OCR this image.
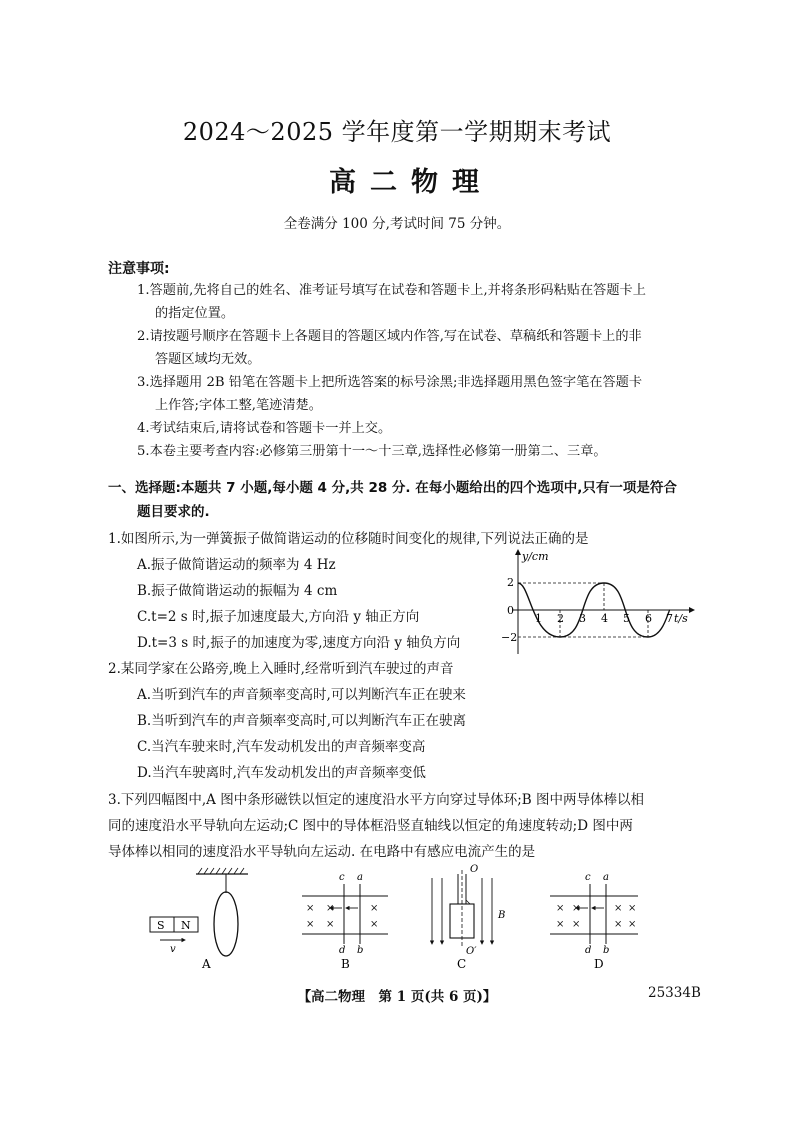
2024～2025 学年度第一学期期末考试
高二物理
全卷满分 100 分,考试时间 75 分钟。
注意事项:
1.答题前,先将自己的姓名、准考证号填写在试卷和答题卡上,并将条形码粘贴在答题卡上
的指定位置。
2.请按题号顺序在答题卡上各题目的答题区域内作答,写在试卷、草稿纸和答题卡上的非
答题区域均无效。
3.选择题用 2B 铅笔在答题卡上把所选答案的标号涂黑;非选择题用黑色签字笔在答题卡
上作答;字体工整,笔迹清楚。
4.考试结束后,请将试卷和答题卡一并上交。
5.本卷主要考查内容:必修第三册第十一～十三章,选择性必修第一册第二、三章。
一、选择题:本题共 7 小题,每小题 4 分,共 28 分. 在每小题给出的四个选项中,只有一项是符合
题目要求的.
1.如图所示,为一弹簧振子做简谐运动的位移随时间变化的规律,下列说法正确的是
A.振子做简谐运动的频率为 4 Hz
B.振子做简谐运动的振幅为 4 cm
C.t=2 s 时,振子加速度最大,方向沿 y 轴正方向
D.t=3 s 时,振子的加速度为零,速度方向沿 y 轴负方向
y/cm
t/s
2
0
−2
1 2 3 4 5 6 7
2.某同学家在公路旁,晚上入睡时,经常听到汽车驶过的声音
A.当听到汽车的声音频率变高时,可以判断汽车正在驶来
B.当听到汽车的声音频率变高时,可以判断汽车正在驶离
C.当汽车驶来时,汽车发动机发出的声音频率变高
D.当汽车驶离时,汽车发动机发出的声音频率变低
3.下列四幅图中,A 图中条形磁铁以恒定的速度沿水平方向穿过导体环;B 图中两导体棒以相
同的速度沿水平导轨向左运动;C 图中的导体框沿竖直轴线以恒定的角速度转动;D 图中两
导体棒以相同的速度沿水平导轨向左运动. 在电路中有感应电流产生的是
S N
v
A
× ×	×
× ×	×
c a
d b
B
O
O′
B
C
× ×	× ×
× ×	× ×
c a
d b
D
【高二物理　第 1 页(共 6 页)】	25334B
